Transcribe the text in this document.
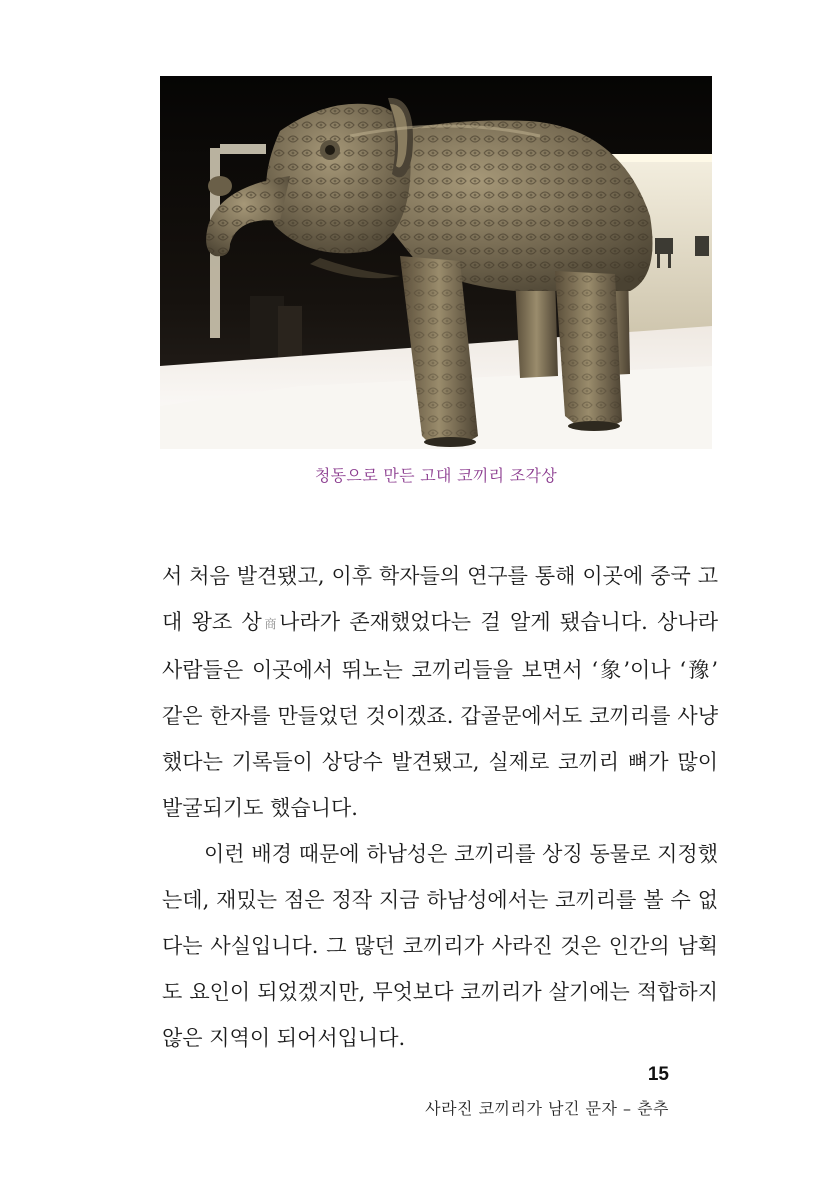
청동으로 만든 고대 코끼리 조각상

서 처음 발견됐고, 이후 학자들의 연구를 통해 이곳에 중국 고대 왕조 상商나라가 존재했었다는 걸 알게 됐습니다. 상나라 사람들은 이곳에서 뛰노는 코끼리들을 보면서 ‘象’이나 ‘豫’ 같은 한자를 만들었던 것이겠죠. 갑골문에서도 코끼리를 사냥했다는 기록들이 상당수 발견됐고, 실제로 코끼리 뼈가 많이 발굴되기도 했습니다.

이런 배경 때문에 하남성은 코끼리를 상징 동물로 지정했는데, 재밌는 점은 정작 지금 하남성에서는 코끼리를 볼 수 없다는 사실입니다. 그 많던 코끼리가 사라진 것은 인간의 남획도 요인이 되었겠지만, 무엇보다 코끼리가 살기에는 적합하지 않은 지역이 되어서입니다.

15
사라진 코끼리가 남긴 문자 – 춘추
